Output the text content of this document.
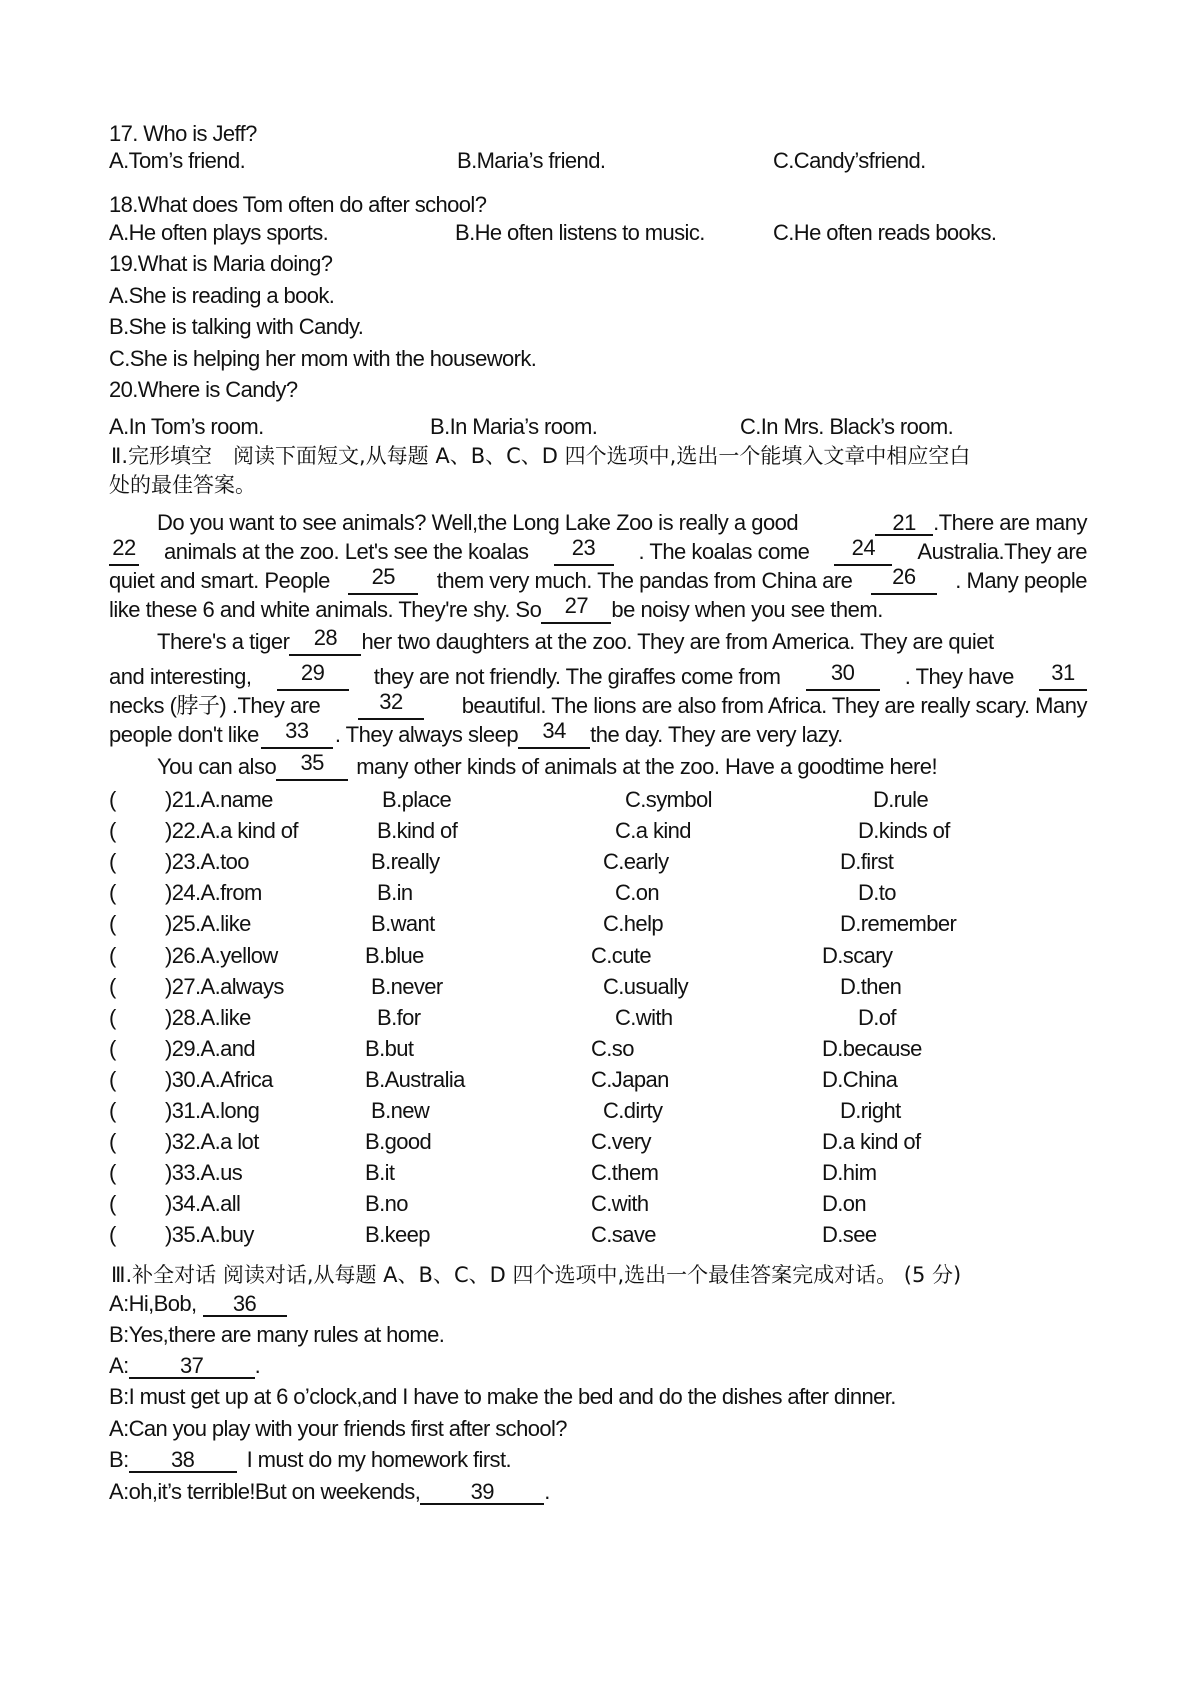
17. Who is Jeff?
A.Tom’s friend.	B.Maria’s friend.	C.Candy’sfriend.
18.What does Tom often do after school?
A.He often plays sports.	B.He often listens to music.	C.He often reads books.
19.What is Maria doing?
A.She is reading a book.
B.She is talking with Candy.
C.She is helping her mom with the housework.
20.Where is Candy?
A.In Tom’s room.	B.In Maria’s room.	C.In Mrs. Black’s room.
Ⅱ.完形填空　阅读下面短文,从每题 A、B、C、D 四个选项中,选出一个能填入文章中相应空白
处的最佳答案。
Do you want to see animals? Well,the Long Lake Zoo is really a good	21 .There are many
22 animals at the zoo. Let's see the koalas	23	. The koalas come	24	Australia.They are
quiet and smart. People	25	them very much. The pandas from China are	26	. Many people
like these 6 and white animals. They're shy. So	27	be noisy when you see them.
There's a tiger	28	her two daughters at the zoo. They are from America. They are quiet
and interesting,	29	they are not friendly. The giraffes come from	30	. They have	31
necks (脖子) .They are	32	beautiful. The lions are also from Africa. They are really scary. Many
people don't like	33	. They always sleep	34	the day. They are very lazy.
You can also	35	many other kinds of animals at the zoo. Have a goodtime here!
( )21.A.name	B.place	C.symbol	D.rule
( )22.A.a kind of	B.kind of	C.a kind	D.kinds of
( )23.A.too	B.really	C.early	D.first
( )24.A.from	B.in	C.on	D.to
( )25.A.like	B.want	C.help	D.remember
( )26.A.yellow	B.blue	C.cute	D.scary
( )27.A.always	B.never	C.usually	D.then
( )28.A.like	B.for	C.with	D.of
( )29.A.and	B.but	C.so	D.because
( )30.A.Africa	B.Australia	C.Japan	D.China
( )31.A.long	B.new	C.dirty	D.right
( )32.A.a lot	B.good	C.very	D.a kind of
( )33.A.us	B.it	C.them	D.him
( )34.A.all	B.no	C.with	D.on
( )35.A.buy	B.keep	C.save	D.see
Ⅲ.补全对话 阅读对话,从每题 A、B、C、D 四个选项中,选出一个最佳答案完成对话。 (5 分)
A:Hi,Bob, 36
B:Yes,there are many rules at home.
A: 37 .
B:I must get up at 6 o’clock,and I have to make the bed and do the dishes after dinner.
A:Can you play with your friends first after school?
B: 38 I must do my homework first.
A:oh,it’s terrible!But on weekends, 39 .
